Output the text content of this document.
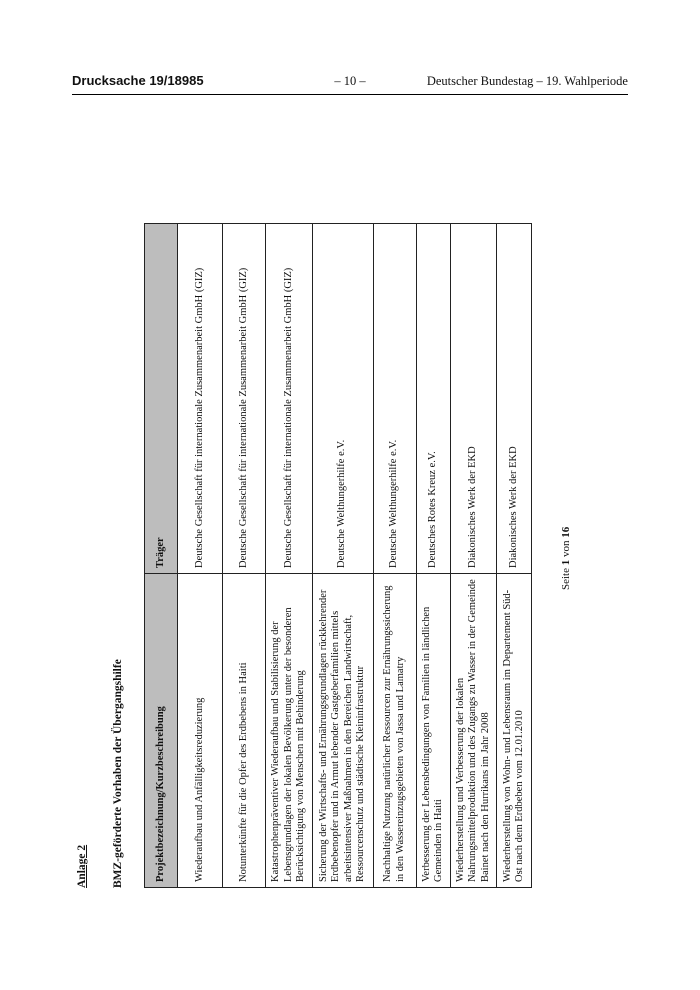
Drucksache 19/18985	– 10 –	Deutscher Bundestag – 19. Wahlperiode
Anlage 2 BMZ-geförderte Vorhaben der Übergangshilfe	Projektbezeichnung/Kurzbeschreibung	Träger
Wiederaufbau und Anfälligkeitsreduzierung	Deutsche Gesellschaft für internationale Zusammenarbeit GmbH (GIZ)
Notunterkünfte für die Opfer des Erdbebens in Haiti	Deutsche Gesellschaft für internationale Zusammenarbeit GmbH (GIZ)
Katastrophenpräventiver Wiederaufbau und Stabilisierung der Lebensgrundlagen der lokalen Bevölkerung unter der besonderen Berücksichtigung von Menschen mit Behinderung	Deutsche Gesellschaft für internationale Zusammenarbeit GmbH (GIZ)
Sicherung der Wirtschafts- und Ernährungsgrundlagen rückkehrender Erdbebenopfer und in Armut lebender Gastgeberfamilien mittels arbeitsintensiver Maßnahmen in den Bereichen Landwirtschaft, Ressourcenschutz und städtische Kleininfrastruktur	Deutsche Welthungerhilfe e.V.
Nachhaltige Nutzung natürlicher Ressourcen zur Ernährungssicherung in den Wassereinzugsgebieten von Jassa und Lamatry	Deutsche Welthungerhilfe e.V.
Verbesserung der Lebensbedingungen von Familien in ländlichen Gemeinden in Haiti	Deutsches Rotes Kreuz e.V.
Wiederherstellung und Verbesserung der lokalen Nahrungsmittelproduktion und des Zugangs zu Wasser in der Gemeinde Bainet nach den Hurrikans im Jahr 2008	Diakonisches Werk der EKD
Wiederherstellung von Wohn- und Lebensraum im Departement Süd-Ost nach dem Erdbeben vom 12.01.2010	Diakonisches Werk der EKD
Seite 1 von 16
